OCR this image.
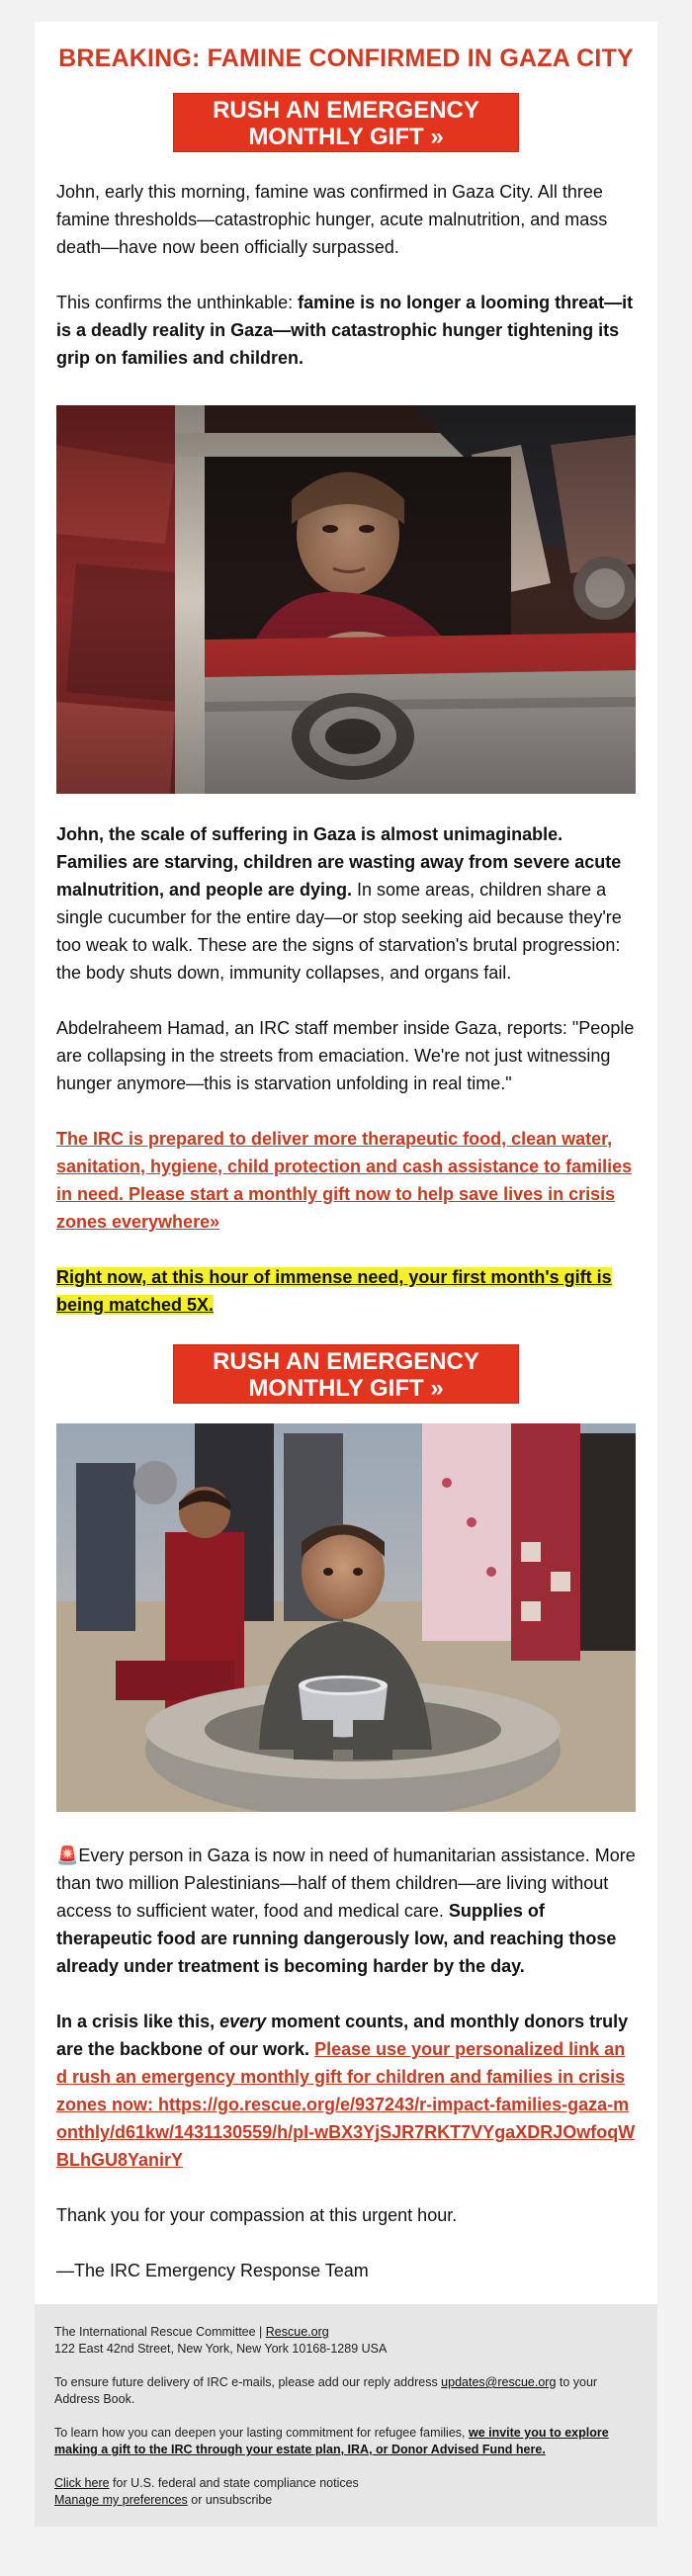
BREAKING: FAMINE CONFIRMED IN GAZA CITY
RUSH AN EMERGENCY
MONTHLY GIFT »

John, early this morning, famine was confirmed in Gaza City. All three famine thresholds—catastrophic hunger, acute malnutrition, and mass death—have now been officially surpassed.

This confirms the unthinkable: famine is no longer a looming threat—it is a deadly reality in Gaza—with catastrophic hunger tightening its grip on families and children.

John, the scale of suffering in Gaza is almost unimaginable. Families are starving, children are wasting away from severe acute malnutrition, and people are dying. In some areas, children share a single cucumber for the entire day—or stop seeking aid because they're too weak to walk. These are the signs of starvation's brutal progression: the body shuts down, immunity collapses, and organs fail.

Abdelraheem Hamad, an IRC staff member inside Gaza, reports: "People are collapsing in the streets from emaciation. We're not just witnessing hunger anymore—this is starvation unfolding in real time."

The IRC is prepared to deliver more therapeutic food, clean water, sanitation, hygiene, child protection and cash assistance to families in need. Please start a monthly gift now to help save lives in crisis zones everywhere»

Right now, at this hour of immense need, your first month's gift is being matched 5X.

RUSH AN EMERGENCY
MONTHLY GIFT »

🚨Every person in Gaza is now in need of humanitarian assistance. More than two million Palestinians—half of them children—are living without access to sufficient water, food and medical care. Supplies of therapeutic food are running dangerously low, and reaching those already under treatment is becoming harder by the day.

In a crisis like this, every moment counts, and monthly donors truly are the backbone of our work. Please use your personalized link and rush an emergency monthly gift for children and families in crisis zones now: https://go.rescue.org/e/937243/r-impact-families-gaza-monthly/d61kw/1431130559/h/pI-wBX3YjSJR7RKT7VYgaXDRJOwfoqWBLhGU8YanirY

Thank you for your compassion at this urgent hour.

—The IRC Emergency Response Team

The International Rescue Committee | Rescue.org
122 East 42nd Street, New York, New York 10168-1289 USA

To ensure future delivery of IRC e-mails, please add our reply address updates@rescue.org to your Address Book.

To learn how you can deepen your lasting commitment for refugee families, we invite you to explore making a gift to the IRC through your estate plan, IRA, or Donor Advised Fund here.

Click here for U.S. federal and state compliance notices
Manage my preferences or unsubscribe
